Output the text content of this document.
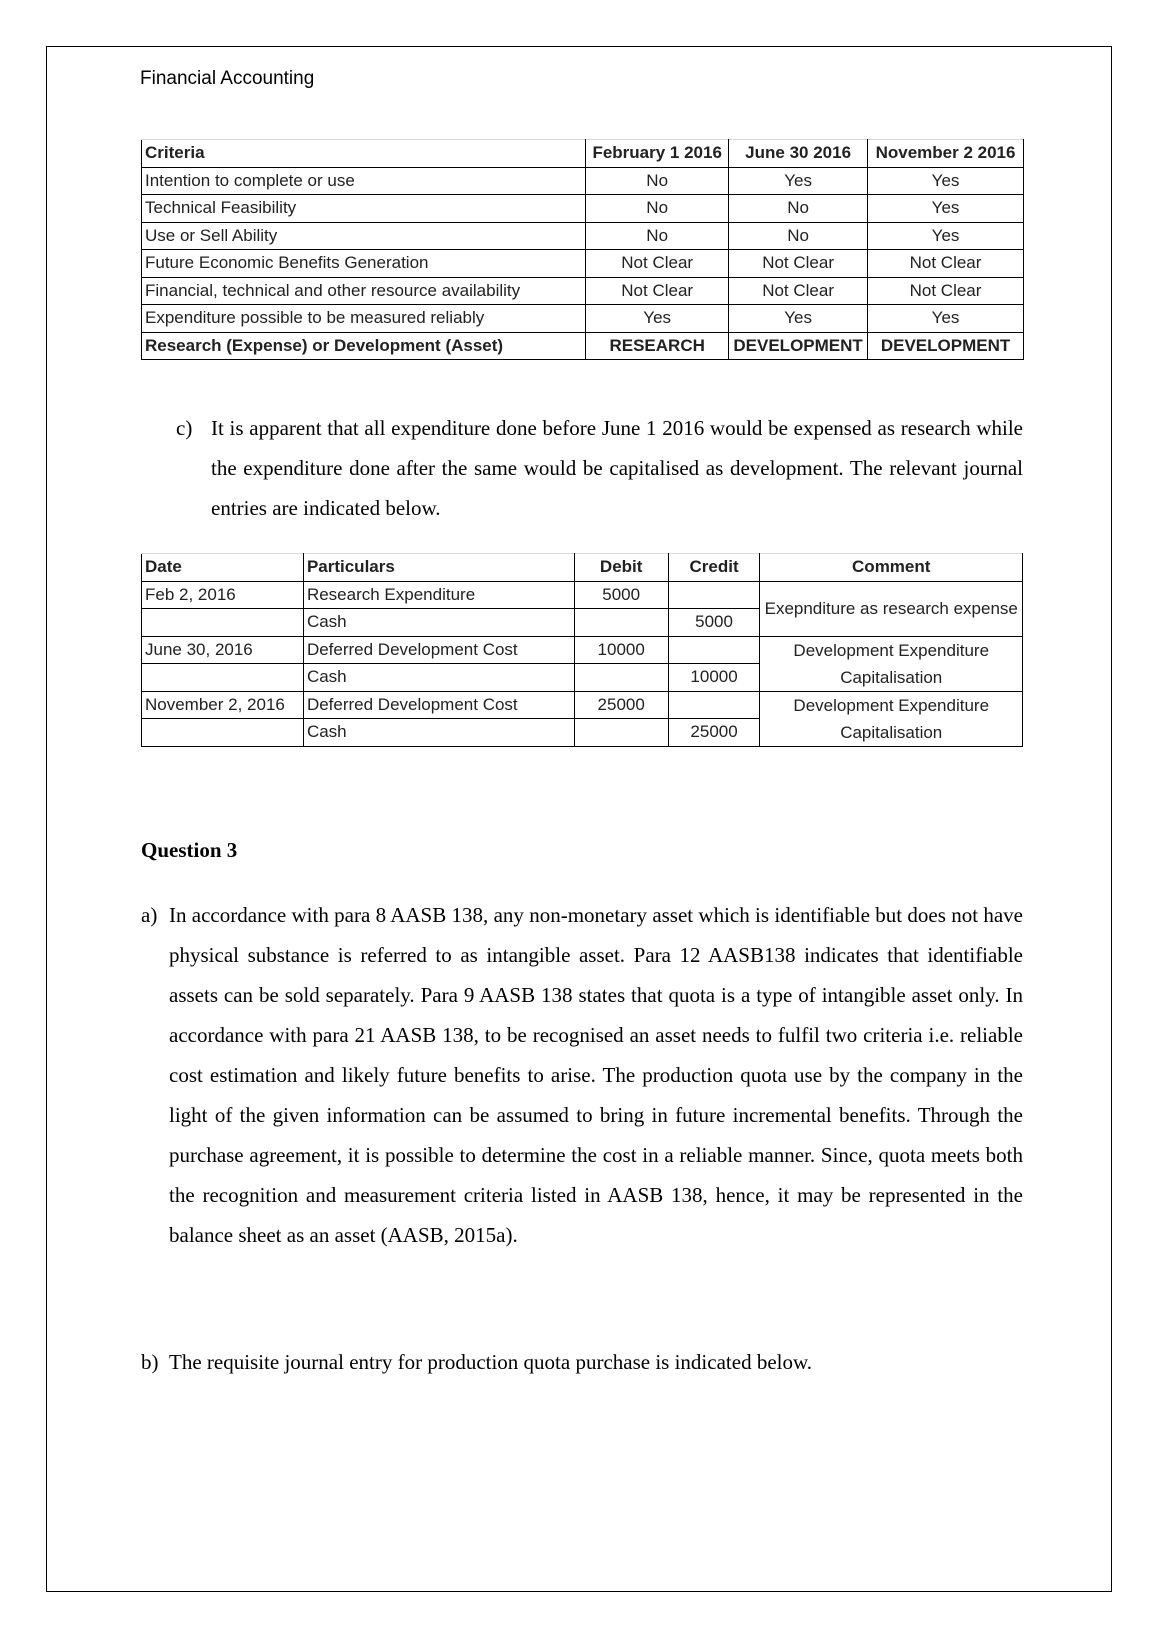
Financial Accounting
Criteria	February 1 2016	June 30 2016	November 2 2016
Intention to complete or use	No	Yes	Yes
Technical Feasibility	No	No	Yes
Use or Sell Ability	No	No	Yes
Future Economic Benefits Generation	Not Clear	Not Clear	Not Clear
Financial, technical and other resource availability	Not Clear	Not Clear	Not Clear
Expenditure possible to be measured reliably	Yes	Yes	Yes
Research (Expense) or Development (Asset)	RESEARCH	DEVELOPMENT	DEVELOPMENT
c) It is apparent that all expenditure done before June 1 2016 would be expensed as research while the expenditure done after the same would be capitalised as development. The relevant journal entries are indicated below.
Date	Particulars	Debit	Credit	Comment
Feb 2, 2016	Research Expenditure	5000		Exepnditure as research expense
	Cash		5000	
June 30, 2016	Deferred Development Cost	10000		Development Expenditure Capitalisation
	Cash		10000	
November 2, 2016	Deferred Development Cost	25000		Development Expenditure Capitalisation
	Cash		25000	
Question 3
a) In accordance with para 8 AASB 138, any non-monetary asset which is identifiable but does not have physical substance is referred to as intangible asset. Para 12 AASB138 indicates that identifiable assets can be sold separately. Para 9 AASB 138 states that quota is a type of intangible asset only. In accordance with para 21 AASB 138, to be recognised an asset needs to fulfil two criteria i.e. reliable cost estimation and likely future benefits to arise. The production quota use by the company in the light of the given information can be assumed to bring in future incremental benefits. Through the purchase agreement, it is possible to determine the cost in a reliable manner. Since, quota meets both the recognition and measurement criteria listed in AASB 138, hence, it may be represented in the balance sheet as an asset (AASB, 2015a).
b) The requisite journal entry for production quota purchase is indicated below.
